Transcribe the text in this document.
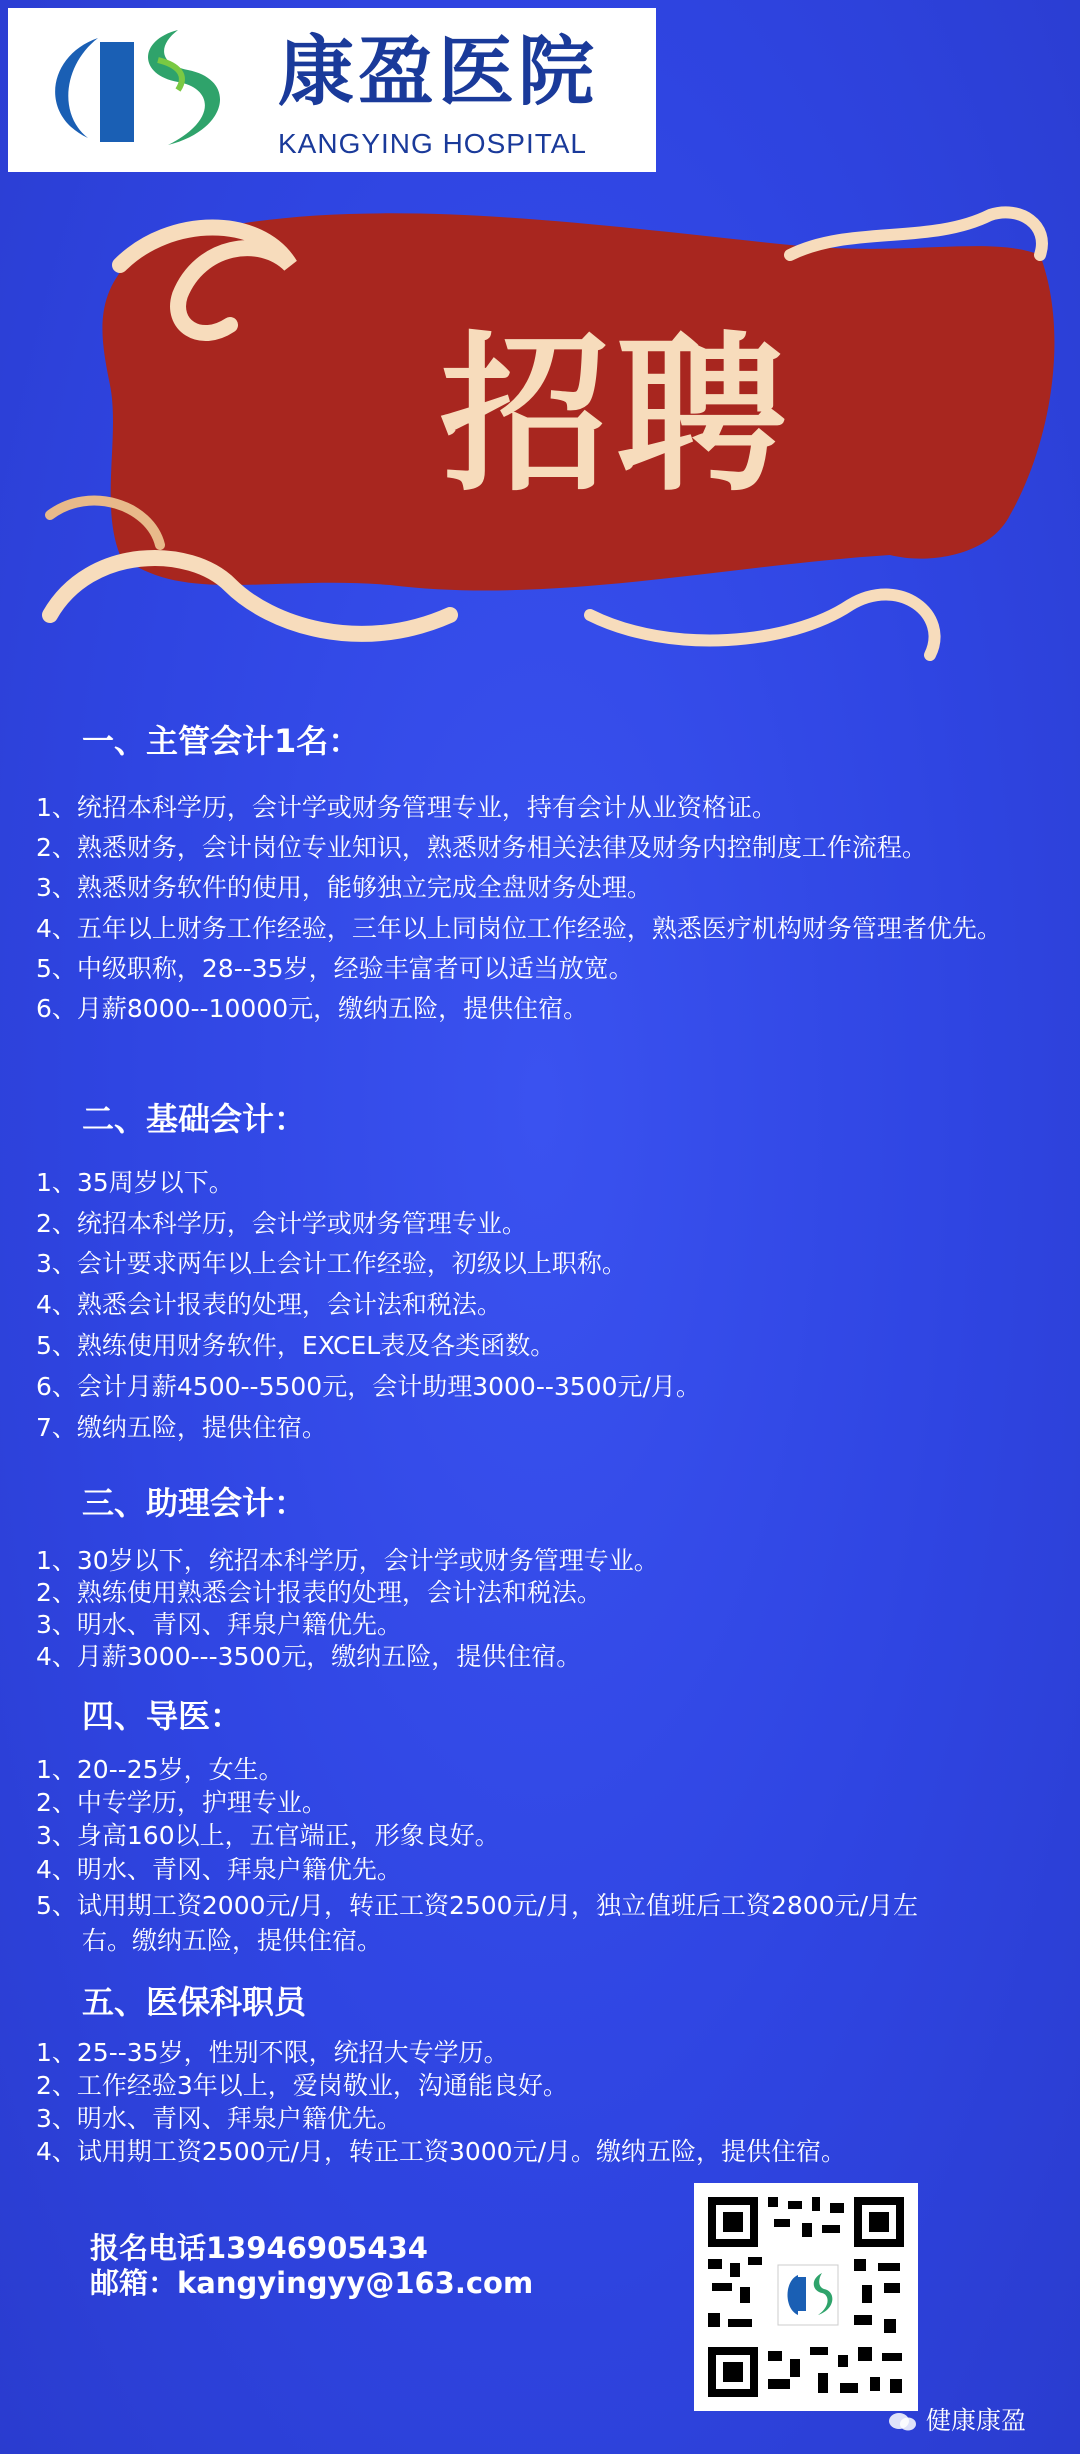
康盈医院
KANGYING HOSPITAL
招聘
一、主管会计1名：
1、统招本科学历，会计学或财务管理专业，持有会计从业资格证。
2、熟悉财务，会计岗位专业知识，熟悉财务相关法律及财务内控制度工作流程。
3、熟悉财务软件的使用，能够独立完成全盘财务处理。
4、五年以上财务工作经验，三年以上同岗位工作经验，熟悉医疗机构财务管理者优先。
5、中级职称，28--35岁，经验丰富者可以适当放宽。
6、月薪8000--10000元，缴纳五险，提供住宿。
二、基础会计：
1、35周岁以下。
2、统招本科学历，会计学或财务管理专业。
3、会计要求两年以上会计工作经验，初级以上职称。
4、熟悉会计报表的处理，会计法和税法。
5、熟练使用财务软件，EXCEL表及各类函数。
6、会计月薪4500--5500元，会计助理3000--3500元/月。
7、缴纳五险，提供住宿。
三、助理会计：
1、30岁以下，统招本科学历，会计学或财务管理专业。
2、熟练使用熟悉会计报表的处理，会计法和税法。
3、明水、青冈、拜泉户籍优先。
4、月薪3000---3500元，缴纳五险，提供住宿。
四、导医：
1、20--25岁，女生。
2、中专学历，护理专业。
3、身高160以上，五官端正，形象良好。
4、明水、青冈、拜泉户籍优先。
5、试用期工资2000元/月，转正工资2500元/月，独立值班后工资2800元/月左
右。缴纳五险，提供住宿。
五、医保科职员
1、25--35岁，性别不限，统招大专学历。
2、工作经验3年以上，爱岗敬业，沟通能良好。
3、明水、青冈、拜泉户籍优先。
4、试用期工资2500元/月，转正工资3000元/月。缴纳五险，提供住宿。
报名电话13946905434
邮箱：kangyingyy@163.com
健康康盈
